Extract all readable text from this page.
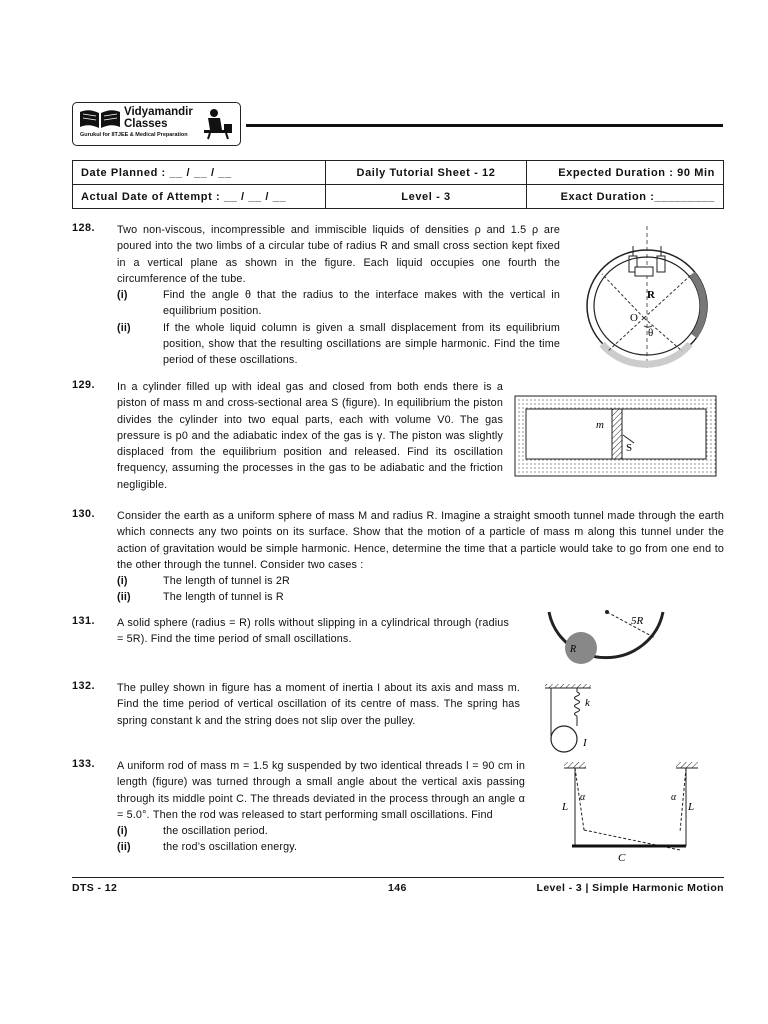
Vidyamandir
Classes
Gurukul for IITJEE & Medical Preparation
Date Planned : __ / __ / __	Daily Tutorial Sheet - 12	Expected Duration : 90 Min
Actual Date of Attempt : __ / __ / __	Level - 3	Exact Duration :_________
128. Two non-viscous, incompressible and immiscible liquids of densities ρ and 1.5 ρ are poured into the two limbs of a circular tube of radius R and small cross section kept fixed in a vertical plane as shown in the figure. Each liquid occupies one fourth the circumference of the tube.
(i)	Find the angle θ that the radius to the interface makes with the vertical in equilibrium position.
(ii)	If the whole liquid column is given a small displacement from its equilibrium position, show that the resulting oscillations are simple harmonic. Find the time period of these oscillations.
R
O
θ
129. In a cylinder filled up with ideal gas and closed from both ends there is a piston of mass m and cross-sectional area S (figure). In equilibrium the piston divides the cylinder into two equal parts, each with volume V0. The gas pressure is p0 and the adiabatic index of the gas is γ. The piston was slightly displaced from the equilibrium position and released. Find its oscillation frequency, assuming the processes in the gas to be adiabatic and the friction negligible.
m
S
130. Consider the earth as a uniform sphere of mass M and radius R. Imagine a straight smooth tunnel made through the earth which connects any two points on its surface. Show that the motion of a particle of mass m along this tunnel under the action of gravitation would be simple harmonic. Hence, determine the time that a particle would take to go from one end to the other through the tunnel. Consider two cases :
(i)	The length of tunnel is 2R
(ii)	The length of tunnel is R
131. A solid sphere (radius = R) rolls without slipping in a cylindrical through (radius = 5R). Find the time period of small oscillations.
5R
R
132. The pulley shown in figure has a moment of inertia I about its axis and mass m. Find the time period of vertical oscillation of its centre of mass. The spring has spring constant k and the string does not slip over the pulley.
k
I
133. A uniform rod of mass m = 1.5 kg suspended by two identical threads l = 90 cm in length (figure) was turned through a small angle about the vertical axis passing through its middle point C. The threads deviated in the process through an angle α = 5.0°. Then the rod was released to start performing small oscillations. Find
(i)	the oscillation period.
(ii)	the rod’s oscillation energy.
L	L
α	α
C
DTS - 12	146	Level - 3 | Simple Harmonic Motion
